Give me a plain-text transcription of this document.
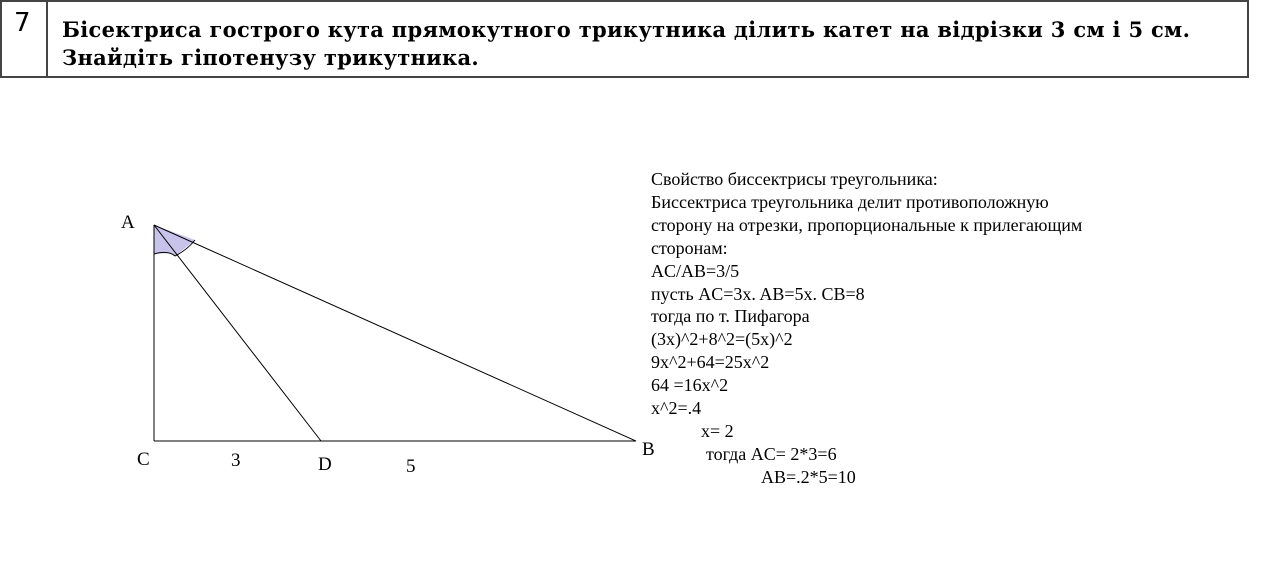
7 Бісектриса гострого кута прямокутного трикутника ділить катет на відрізки 3 см і 5 см.
Знайдіть гіпотенузу трикутника.
A
C	D
B
3	5
Свойство биссектрисы треугольника:
Биссектриса треугольника делит противоположную
сторону на отрезки, пропорциональные к прилегающим
сторонам:
AC/AB=3/5
пусть AC=3x. AB=5x. CB=8
тогда по т. Пифагора
(3x)^2+8^2=(5x)^2
9x^2+64=25x^2
64 =16x^2
x^2=.4
x= 2
тогда AC= 2*3=6
AB=.2*5=10
